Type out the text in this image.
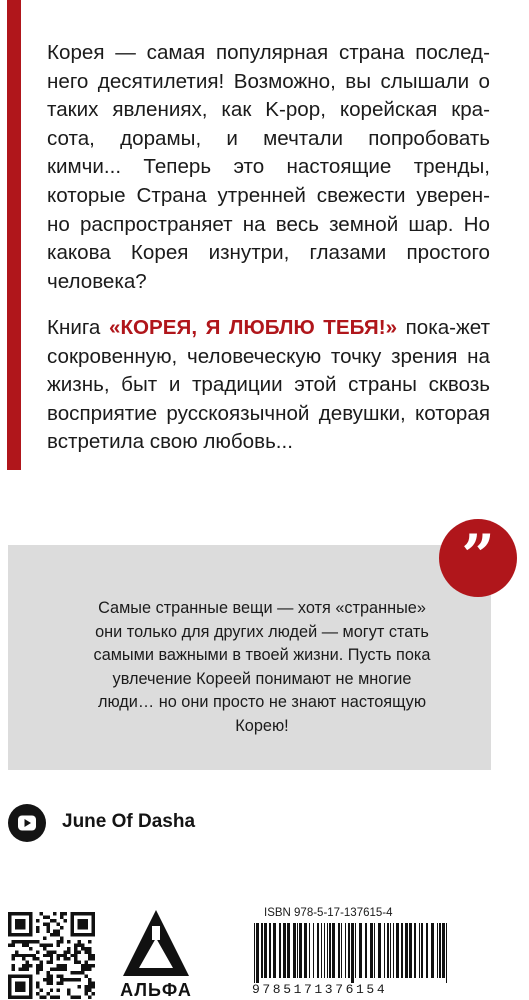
Корея — самая популярная страна послед-него десятилетия! Возможно, вы слышали о таких явлениях, как K-pop, корейская кра-сота, дорамы, и мечтали попробовать кимчи... Теперь это настоящие тренды, которые Страна утренней свежести уверен-но распространяет на весь земной шар. Но какова Корея изнутри, глазами простого человека?

Книга «КОРЕЯ, Я ЛЮБЛЮ ТЕБЯ!» пока-жет сокровенную, человеческую точку зрения на жизнь, быт и традиции этой страны сквозь восприятие русскоязычной девушки, которая встретила свою любовь...

Самые странные вещи — хотя «странные» они только для других людей — могут стать самыми важными в твоей жизни. Пусть пока увлечение Кореей понимают не многие люди… но они просто не знают настоящую Корею!
”
June Of Dasha
АЛЬФА
ISBN 978-5-17-137615-4
9785171376154
